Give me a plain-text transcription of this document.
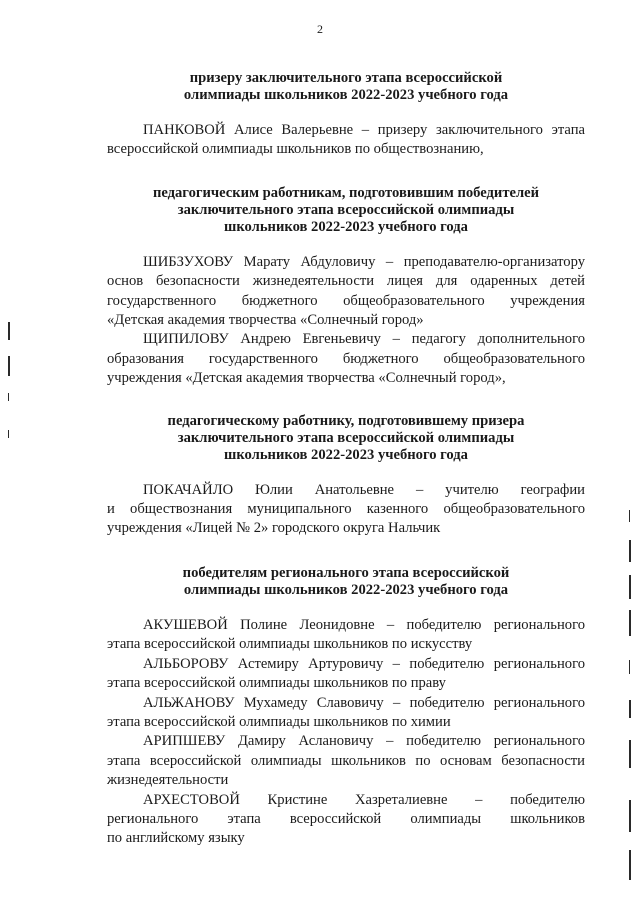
2

призеру заключительного этапа всероссийской
олимпиады школьников 2022-2023 учебного года

ПАНКОВОЙ Алисе Валерьевне – призеру заключительного этапа
всероссийской олимпиады школьников по обществознанию,

педагогическим работникам, подготовившим победителей
заключительного этапа всероссийской олимпиады
школьников 2022-2023 учебного года

ШИБЗУХОВУ Марату Абдуловичу – преподавателю-организатору
основ безопасности жизнедеятельности лицея для одаренных детей
государственного бюджетного общеобразовательного учреждения
«Детская академия творчества «Солнечный город»

ЩИПИЛОВУ Андрею Евгеньевичу – педагогу дополнительного
образования государственного бюджетного общеобразовательного
учреждения «Детская академия творчества «Солнечный город»,

педагогическому работнику, подготовившему призера
заключительного этапа всероссийской олимпиады
школьников 2022-2023 учебного года

ПОКАЧАЙЛО Юлии Анатольевне – учителю географии
и обществознания муниципального казенного общеобразовательного
учреждения «Лицей № 2» городского округа Нальчик

победителям регионального этапа всероссийской
олимпиады школьников 2022-2023 учебного года

АКУШЕВОЙ Полине Леонидовне – победителю регионального
этапа всероссийской олимпиады школьников по искусству

АЛЬБОРОВУ Астемиру Артуровичу – победителю регионального
этапа всероссийской олимпиады школьников по праву

АЛЬЖАНОВУ Мухамеду Славовичу – победителю регионального
этапа всероссийской олимпиады школьников по химии

АРИПШЕВУ Дамиру Аслановичу – победителю регионального
этапа всероссийской олимпиады школьников по основам безопасности
жизнедеятельности

АРХЕСТОВОЙ Кристине Хазреталиевне – победителю
регионального этапа всероссийской олимпиады школьников
по английскому языку
